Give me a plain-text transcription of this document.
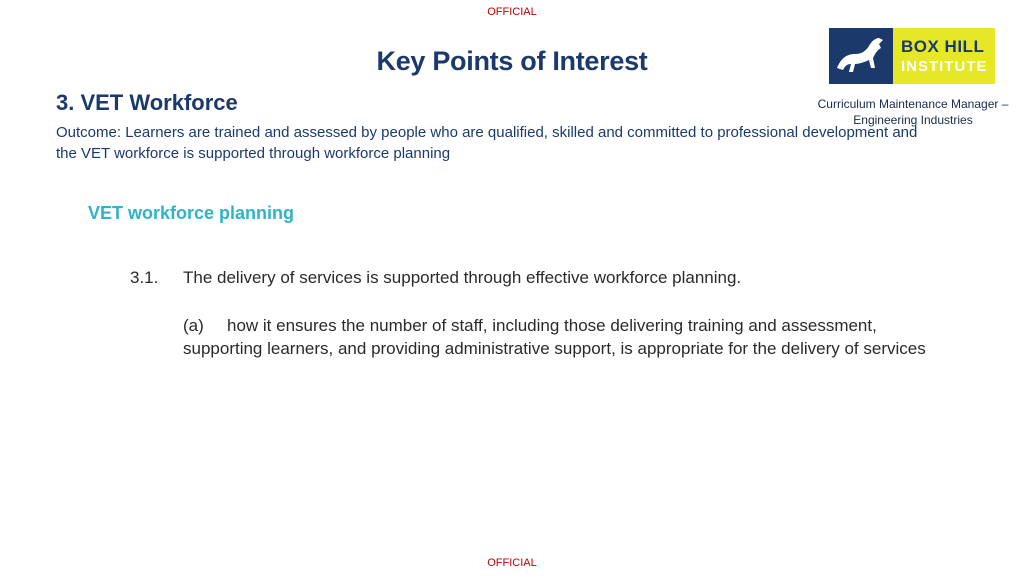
OFFICIAL
Key Points of Interest	BOX HILL
INSTITUTE
3. VET Workforce	Curriculum Maintenance Manager – Engineering Industries
Outcome: Learners are trained and assessed by people who are qualified, skilled and committed to professional development and the VET workforce is supported through workforce planning
VET workforce planning
3.1. The delivery of services is supported through effective workforce planning.
(a) how it ensures the number of staff, including those delivering training and assessment, supporting learners, and providing administrative support, is appropriate for the delivery of services
OFFICIAL
